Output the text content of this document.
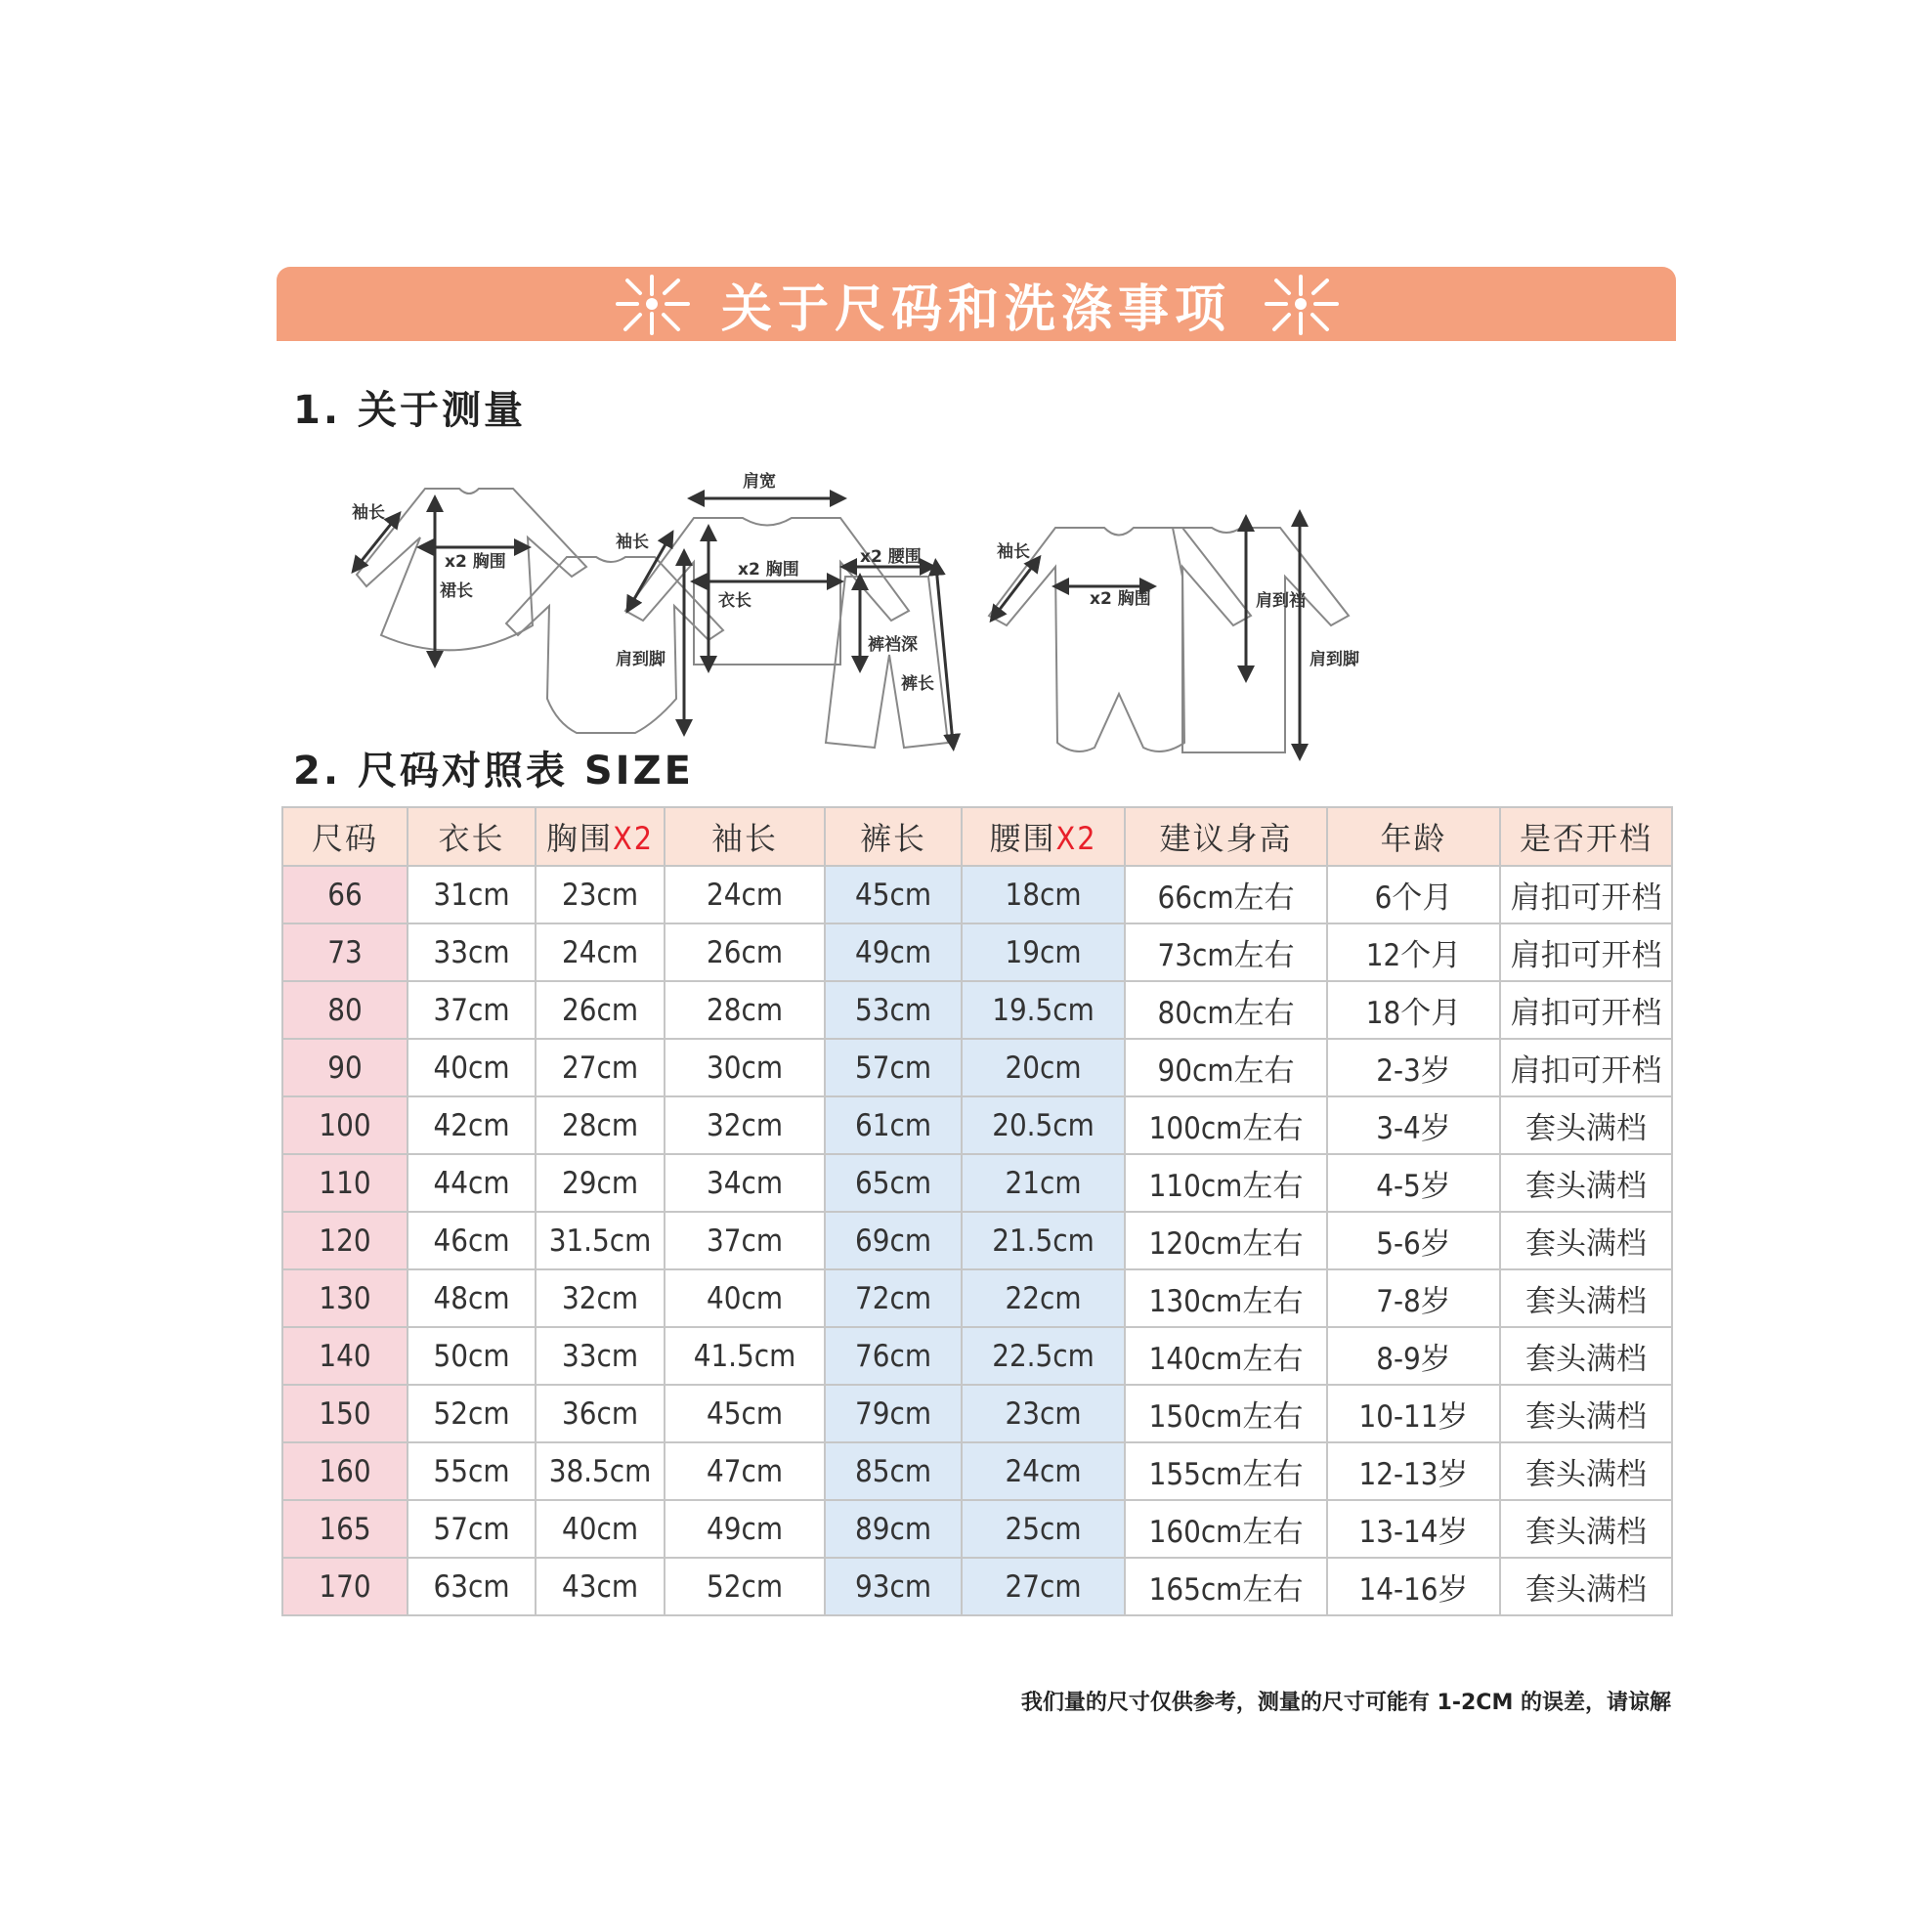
关于尺码和洗涤事项
1. 关于测量
袖长
x2 胸围
裙长
肩到脚
肩宽
袖长
x2 胸围
衣长
x2 腰围
裤裆深
裤长
袖长
x2 胸围	肩到裆
肩到脚
2. 尺码对照表 SIZE
尺码	衣长	胸围X2	袖长	裤长	腰围X2	建议身高	年龄	是否开档
66	31cm	23cm	24cm	45cm	18cm	66cm左右	6个月	肩扣可开档
73	33cm	24cm	26cm	49cm	19cm	73cm左右	12个月	肩扣可开档
80	37cm	26cm	28cm	53cm	19.5cm	80cm左右	18个月	肩扣可开档
90	40cm	27cm	30cm	57cm	20cm	90cm左右	2-3岁	肩扣可开档
100	42cm	28cm	32cm	61cm	20.5cm	100cm左右	3-4岁	套头满档
110	44cm	29cm	34cm	65cm	21cm	110cm左右	4-5岁	套头满档
120	46cm	31.5cm	37cm	69cm	21.5cm	120cm左右	5-6岁	套头满档
130	48cm	32cm	40cm	72cm	22cm	130cm左右	7-8岁	套头满档
140	50cm	33cm	41.5cm	76cm	22.5cm	140cm左右	8-9岁	套头满档
150	52cm	36cm	45cm	79cm	23cm	150cm左右	10-11岁	套头满档
160	55cm	38.5cm	47cm	85cm	24cm	155cm左右	12-13岁	套头满档
165	57cm	40cm	49cm	89cm	25cm	160cm左右	13-14岁	套头满档
170	63cm	43cm	52cm	93cm	27cm	165cm左右	14-16岁	套头满档
我们量的尺寸仅供参考，测量的尺寸可能有 1-2CM 的误差，请谅解
